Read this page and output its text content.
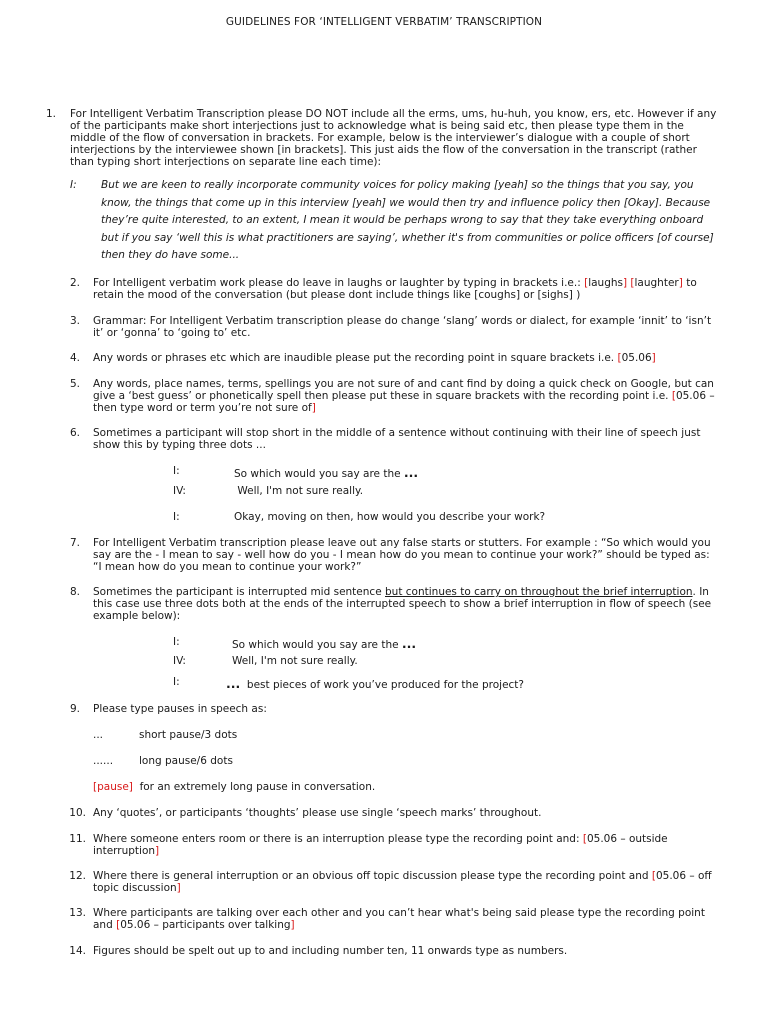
GUIDELINES FOR ‘INTELLIGENT VERBATIM’ TRANSCRIPTION
1. For Intelligent Verbatim Transcription please DO NOT include all the erms, ums, hu-huh, you know, ers, etc. However if any of the participants make short interjections just to acknowledge what is being said etc, then please type them in the middle of the flow of conversation in brackets. For example, below is the interviewer’s dialogue with a couple of short interjections by the interviewee shown [in brackets]. This just aids the flow of the conversation in the transcript (rather than typing short interjections on separate line each time):
I:	But we are keen to really incorporate community voices for policy making [yeah] so the things that you say, you know, the things that come up in this interview [yeah] we would then try and influence policy then [Okay]. Because they’re quite interested, to an extent, I mean it would be perhaps wrong to say that they take everything onboard but if you say ‘well this is what practitioners are saying’, whether it's from communities or police officers [of course] then they do have some...
2. For Intelligent verbatim work please do leave in laughs or laughter by typing in brackets i.e.: [laughs] [laughter] to retain the mood of the conversation (but please dont include things like [coughs] or [sighs] )
3. Grammar: For Intelligent Verbatim transcription please do change ‘slang’ words or dialect, for example ‘innit’ to ‘isn’t it’ or ‘gonna’ to ‘going to’ etc.
4. Any words or phrases etc which are inaudible please put the recording point in square brackets i.e. [05.06]
5. Any words, place names, terms, spellings you are not sure of and cant find by doing a quick check on Google, but can give a ‘best guess’ or phonetically spell then please put these in square brackets with the recording point i.e. [05.06 – then type word or term you’re not sure of]
6. Sometimes a participant will stop short in the middle of a sentence without continuing with their line of speech just show this by typing three dots ...
I:	So which would you say are the ...
IV:	Well, I'm not sure really.
I:	Okay, moving on then, how would you describe your work?
7. For Intelligent Verbatim transcription please leave out any false starts or stutters. For example : “So which would you say are the - I mean to say - well how do you - I mean how do you mean to continue your work?” should be typed as: “I mean how do you mean to continue your work?”
8. Sometimes the participant is interrupted mid sentence but continues to carry on throughout the brief interruption. In this case use three dots both at the ends of the interrupted speech to show a brief interruption in flow of speech (see example below):
I:	So which would you say are the ...
IV:	Well, I'm not sure really.
I:	...  best pieces of work you’ve produced for the project?
9. Please type pauses in speech as:
...	short pause/3 dots
...... long pause/6 dots
[pause]  for an extremely long pause in conversation.
10. Any ‘quotes’, or participants ‘thoughts’ please use single ‘speech marks’ throughout.
11. Where someone enters room or there is an interruption please type the recording point and: [05.06 – outside interruption]
12. Where there is general interruption or an obvious off topic discussion please type the recording point and [05.06 – off topic discussion]
13. Where participants are talking over each other and you can’t hear what's being said please type the recording point and [05.06 – participants over talking]
14. Figures should be spelt out up to and including number ten, 11 onwards type as numbers.
